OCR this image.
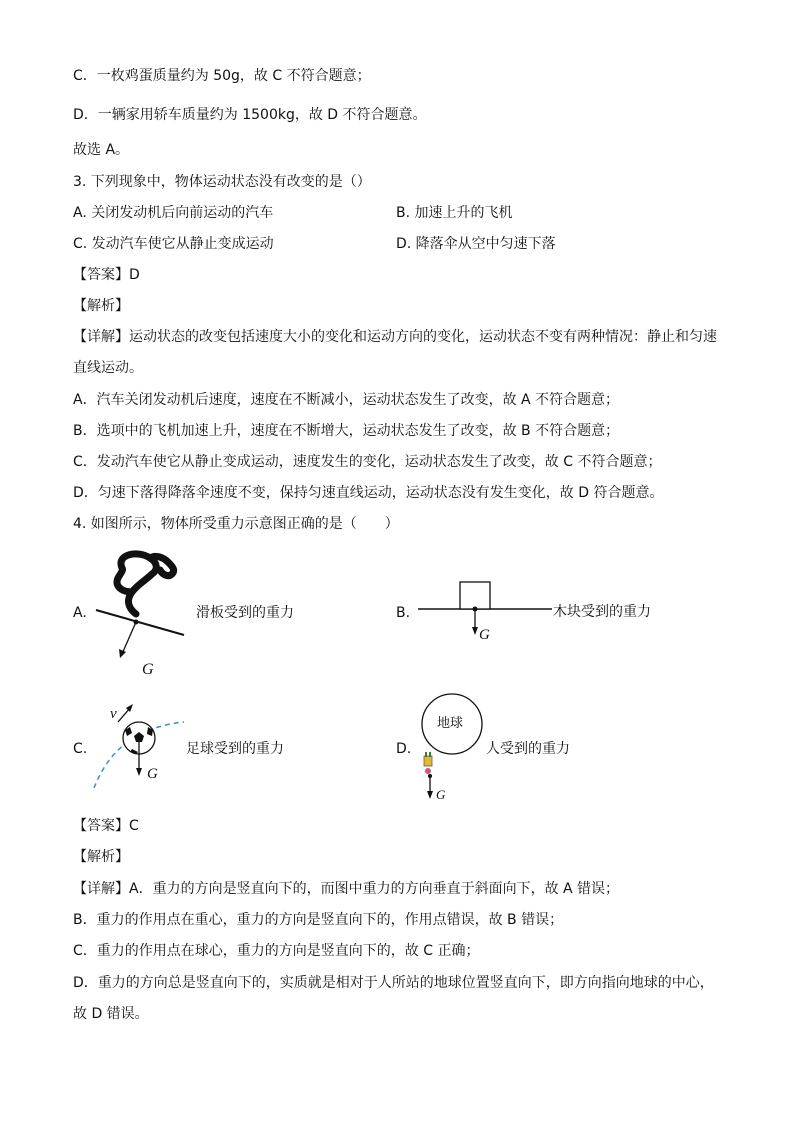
C．一枚鸡蛋质量约为 50g，故 C 不符合题意；
D．一辆家用轿车质量约为 1500kg，故 D 不符合题意。
故选 A。
3. 下列现象中，物体运动状态没有改变的是（）
A. 关闭发动机后向前运动的汽车	B. 加速上升的飞机
C. 发动汽车使它从静止变成运动	D. 降落伞从空中匀速下落
【答案】D
【解析】
【详解】运动状态的改变包括速度大小的变化和运动方向的变化，运动状态不变有两种情况：静止和匀速
直线运动。
A．汽车关闭发动机后速度，速度在不断减小，运动状态发生了改变，故 A 不符合题意；
B．选项中的飞机加速上升，速度在不断增大，运动状态发生了改变，故 B 不符合题意；
C．发动汽车使它从静止变成运动，速度发生的变化，运动状态发生了改变，故 C 不符合题意；
D．匀速下落得降落伞速度不变，保持匀速直线运动，运动状态没有发生变化，故 D 符合题意。
4. 如图所示，物体所受重力示意图正确的是（　　）
A.
G
滑板受到的重力	B.
G
木块受到的重力
C.
v
G
足球受到的重力	D.
地球
G
人受到的重力
【答案】C
【解析】
【详解】A．重力的方向是竖直向下的，而图中重力的方向垂直于斜面向下，故 A 错误；
B．重力的作用点在重心，重力的方向是竖直向下的，作用点错误，故 B 错误；
C．重力的作用点在球心，重力的方向是竖直向下的，故 C 正确；
D．重力的方向总是竖直向下的，实质就是相对于人所站的地球位置竖直向下，即方向指向地球的中心，
故 D 错误。
